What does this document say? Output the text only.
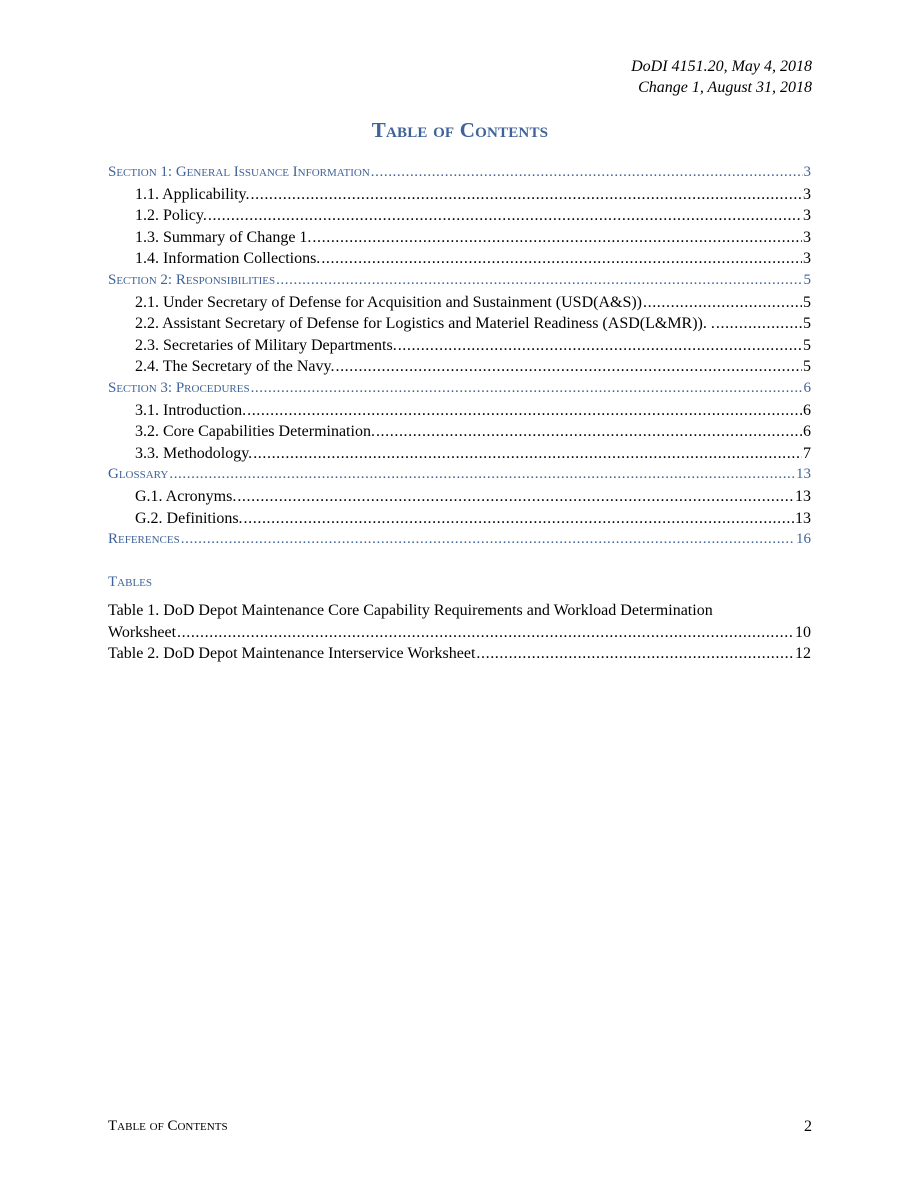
DoDI 4151.20, May 4, 2018
Change 1, August 31, 2018
Table of Contents
Section 1: General Issuance Information .....	3
1.1. Applicability. .....	3
1.2. Policy. .....	3
1.3. Summary of Change 1. .....	3
1.4. Information Collections. .....	3
Section 2: Responsibilities .....	5
2.1. Under Secretary of Defense for Acquisition and Sustainment (USD(A&S)) .....	5
2.2. Assistant Secretary of Defense for Logistics and Materiel Readiness (ASD(L&MR)). . .....	5
2.3. Secretaries of Military Departments. .....	5
2.4. The Secretary of the Navy. .....	5
Section 3: Procedures .....	6
3.1. Introduction. .....	6
3.2. Core Capabilities Determination. .....	6
3.3. Methodology. .....	7
Glossary .....	13
G.1. Acronyms. .....	13
G.2. Definitions. .....	13
References .....	16
Tables
Table 1. DoD Depot Maintenance Core Capability Requirements and Workload Determination
Worksheet .....	10
Table 2. DoD Depot Maintenance Interservice Worksheet .....	12
Table of Contents	2
